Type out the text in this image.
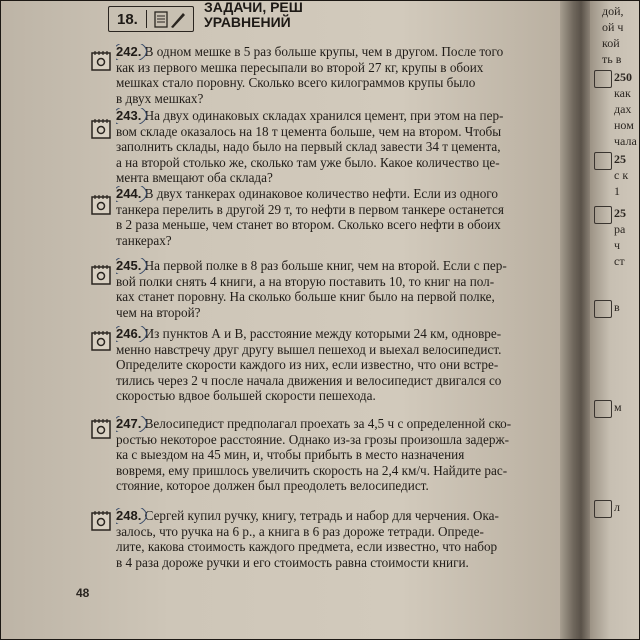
18.
ЗАДАЧИ, РЕШ
УРАВНЕНИЙ
242. В одном мешке в 5 раз больше крупы, чем в другом. После того
как из первого мешка пересыпали во второй 27 кг, крупы в обоих
мешках стало поровну. Сколько всего килограммов крупы было
в двух мешках?
243. На двух одинаковых складах хранился цемент, при этом на пер-
вом складе оказалось на 18 т цемента больше, чем на втором. Чтобы
заполнить склады, надо было на первый склад завести 34 т цемента,
а на второй столько же, сколько там уже было. Какое количество це-
мента вмещают оба склада?
244. В двух танкерах одинаковое количество нефти. Если из одного
танкера перелить в другой 29 т, то нефти в первом танкере останется
в 2 раза меньше, чем станет во втором. Сколько всего нефти в обоих
танкерах?
245. На первой полке в 8 раз больше книг, чем на второй. Если с пер-
вой полки снять 4 книги, а на вторую поставить 10, то книг на пол-
ках станет поровну. На сколько больше книг было на первой полке,
чем на второй?
246. Из пунктов А и В, расстояние между которыми 24 км, одновре-
менно навстречу друг другу вышел пешеход и выехал велосипедист.
Определите скорости каждого из них, если известно, что они встре-
тились через 2 ч после начала движения и велосипедист двигался со
скоростью вдвое большей скорости пешехода.
247. Велосипедист предполагал проехать за 4,5 ч с определенной ско-
ростью некоторое расстояние. Однако из-за грозы произошла задерж-
ка с выездом на 45 мин, и, чтобы прибыть в место назначения
вовремя, ему пришлось увеличить скорость на 2,4 км/ч. Найдите рас-
стояние, которое должен был преодолеть велосипедист.
248. Сергей купил ручку, книгу, тетрадь и набор для черчения. Ока-
залось, что ручка на 6 р., а книга в 6 раз дороже тетради. Опреде-
лите, какова стоимость каждого предмета, если известно, что набор
в 4 раза дороже ручки и его стоимость равна стоимости книги.
48
дой,
ой ч
кой
ть в
250
как
дах
ном
чала
25
с к
1
25
ра
ч
ст
в
м
л
